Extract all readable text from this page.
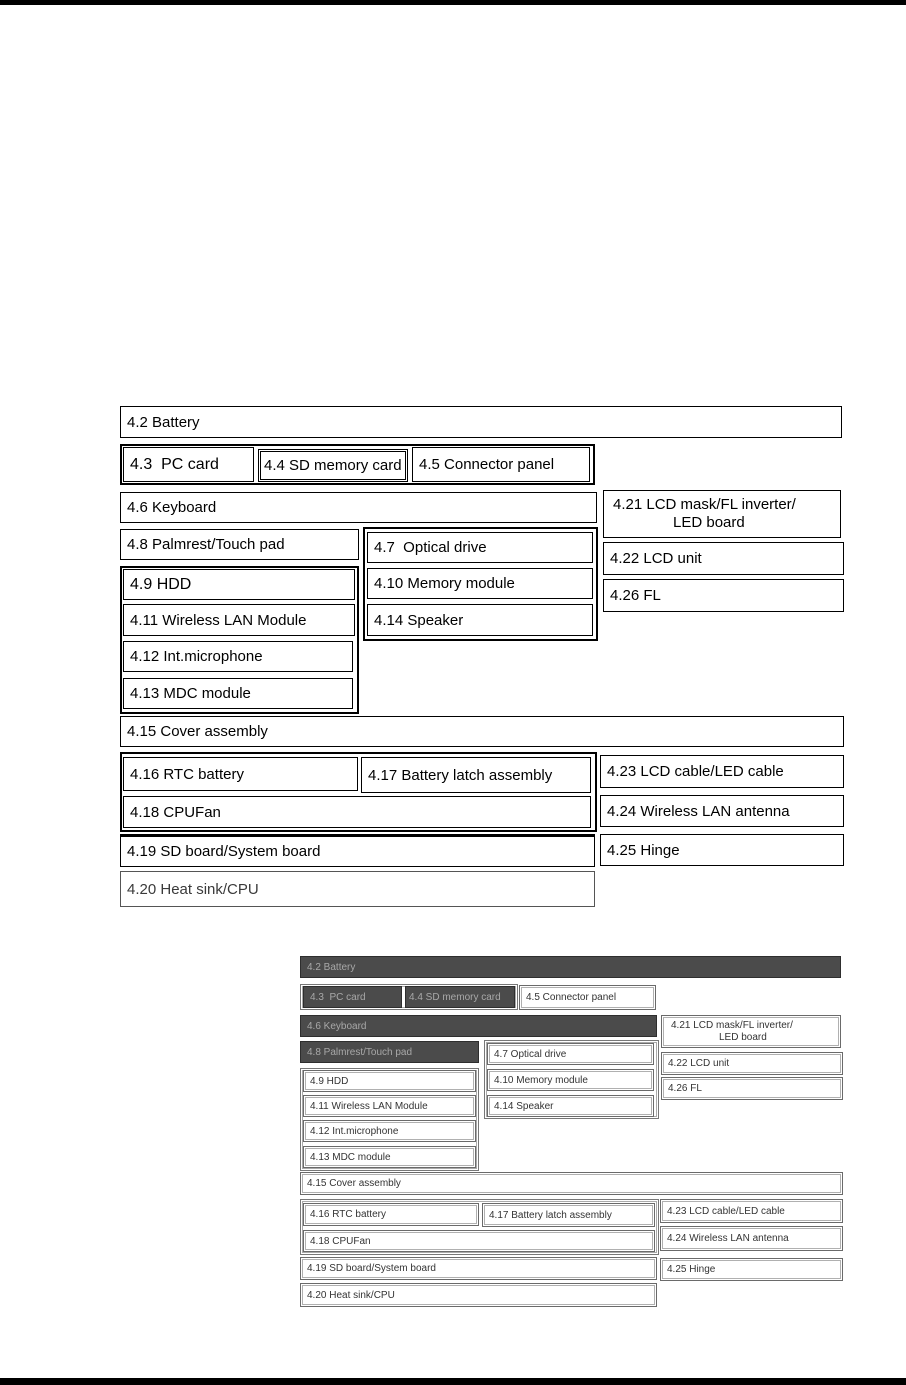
4.2 Battery
4.3  PC card	4.4 SD memory card 4.5 Connector panel
4.6 Keyboard	4.21 LCD mask/FL inverter/
LED board
4.8 Palmrest/Touch pad	4.7  Optical drive
4.10 Memory module
4.14 Speaker
4.22 LCD unit
4.26 FL
4.9 HDD
4.11 Wireless LAN Module
4.12 Int.microphone
4.13 MDC module
4.15 Cover assembly
4.16 RTC battery	4.17 Battery latch assembly
4.18 CPUFan
4.23 LCD cable/LED cable
4.24 Wireless LAN antenna
4.19 SD board/System board	4.25 Hinge
4.20 Heat sink/CPU
4.2 Battery
4.3  PC card	4.4 SD memory card	4.5 Connector panel
4.6 Keyboard	4.21 LCD mask/FL inverter/
LED board
4.8 Palmrest/Touch pad	4.7 Optical drive
4.10 Memory module
4.14 Speaker
4.22 LCD unit
4.26 FL
4.9 HDD
4.11 Wireless LAN Module
4.12 Int.microphone
4.13 MDC module
4.15 Cover assembly
4.16 RTC battery	4.17 Battery latch assembly
4.18 CPUFan
4.23 LCD cable/LED cable
4.24 Wireless LAN antenna
4.19 SD board/System board	4.25 Hinge
4.20 Heat sink/CPU
